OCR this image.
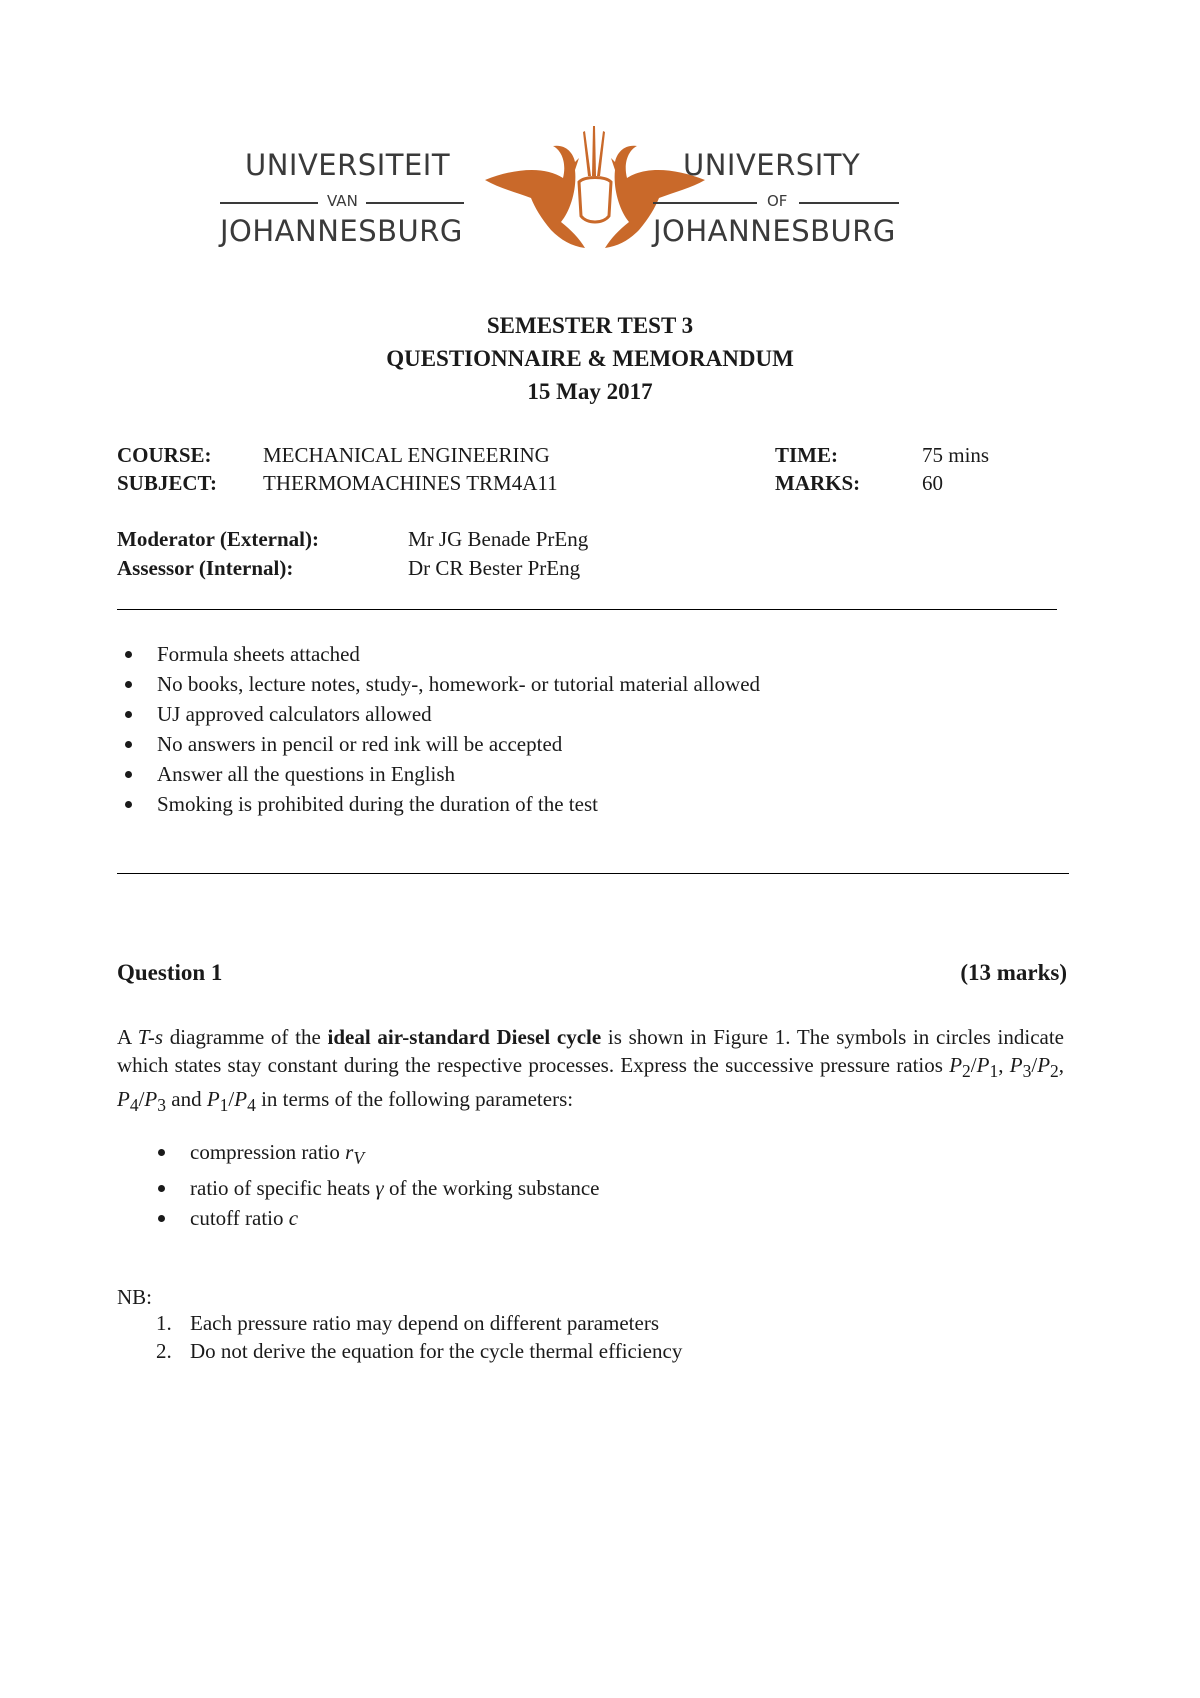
UNIVERSITEIT
VAN
JOHANNESBURG
UNIVERSITY
OF
JOHANNESBURG
SEMESTER TEST 3
QUESTIONNAIRE & MEMORANDUM
15 May 2017
COURSE: MECHANICAL ENGINEERING	TIME:	75 mins
SUBJECT: THERMOMACHINES TRM4A11	MARKS:	60
Moderator (External):	Mr JG Benade PrEng
Assessor (Internal):	Dr CR Bester PrEng
Formula sheets attached
No books, lecture notes, study-, homework- or tutorial material allowed
UJ approved calculators allowed
No answers in pencil or red ink will be accepted
Answer all the questions in English
Smoking is prohibited during the duration of the test
Question 1	(13 marks)
A T-s diagramme of the ideal air-standard Diesel cycle is shown in Figure 1. The symbols in circles indicate which states stay constant during the respective processes. Express the successive pressure ratios $P_2/P_1$, $P_3/P_2$, $P_4/P_3$ and $P_1/P_4$ in terms of the following parameters:
compression ratio $r_V$
ratio of specific heats γ of the working substance
cutoff ratio c
NB:
1. Each pressure ratio may depend on different parameters
2. Do not derive the equation for the cycle thermal efficiency
